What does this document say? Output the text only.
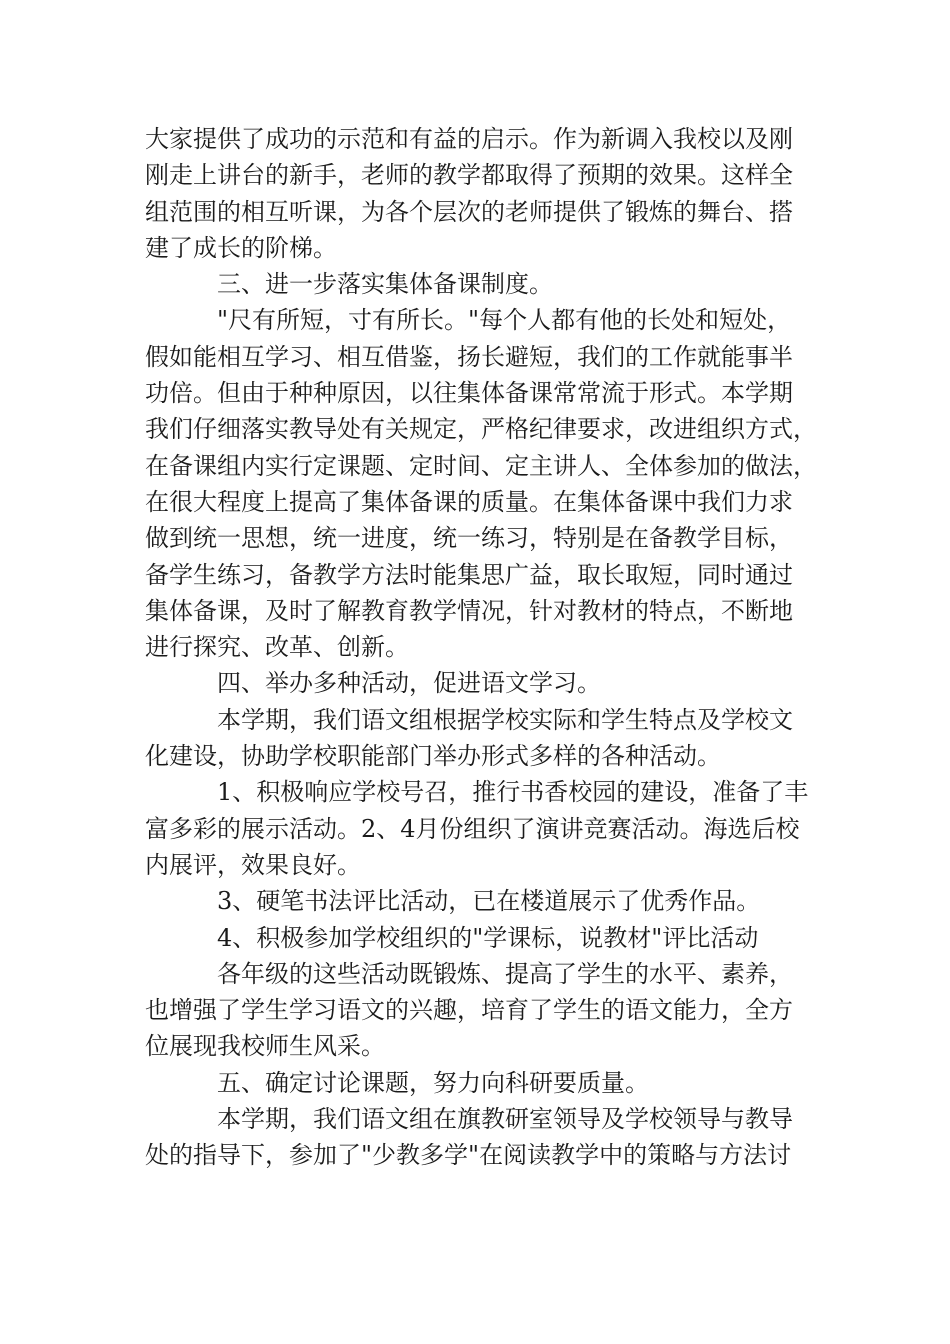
大家提供了成功的示范和有益的启示。作为新调入我校以及刚
刚走上讲台的新手，老师的教学都取得了预期的效果。这样全
组范围的相互听课，为各个层次的老师提供了锻炼的舞台、搭
建了成长的阶梯。
三、进一步落实集体备课制度。
"尺有所短，寸有所长。"每个人都有他的长处和短处，
假如能相互学习、相互借鉴，扬长避短，我们的工作就能事半
功倍。但由于种种原因，以往集体备课常常流于形式。本学期
我们仔细落实教导处有关规定，严格纪律要求，改进组织方式，
在备课组内实行定课题、定时间、定主讲人、全体参加的做法，
在很大程度上提高了集体备课的质量。在集体备课中我们力求
做到统一思想，统一进度，统一练习，特别是在备教学目标，
备学生练习，备教学方法时能集思广益，取长取短，同时通过
集体备课，及时了解教育教学情况，针对教材的特点，不断地
进行探究、改革、创新。
四、举办多种活动，促进语文学习。
本学期，我们语文组根据学校实际和学生特点及学校文
化建设，协助学校职能部门举办形式多样的各种活动。
1、积极响应学校号召，推行书香校园的建设，准备了丰
富多彩的展示活动。2、4月份组织了演讲竞赛活动。海选后校
内展评，效果良好。
3、硬笔书法评比活动，已在楼道展示了优秀作品。
4、积极参加学校组织的"学课标，说教材"评比活动
各年级的这些活动既锻炼、提高了学生的水平、素养，
也增强了学生学习语文的兴趣，培育了学生的语文能力，全方
位展现我校师生风采。
五、确定讨论课题，努力向科研要质量。
本学期，我们语文组在旗教研室领导及学校领导与教导
处的指导下，参加了"少教多学"在阅读教学中的策略与方法讨
